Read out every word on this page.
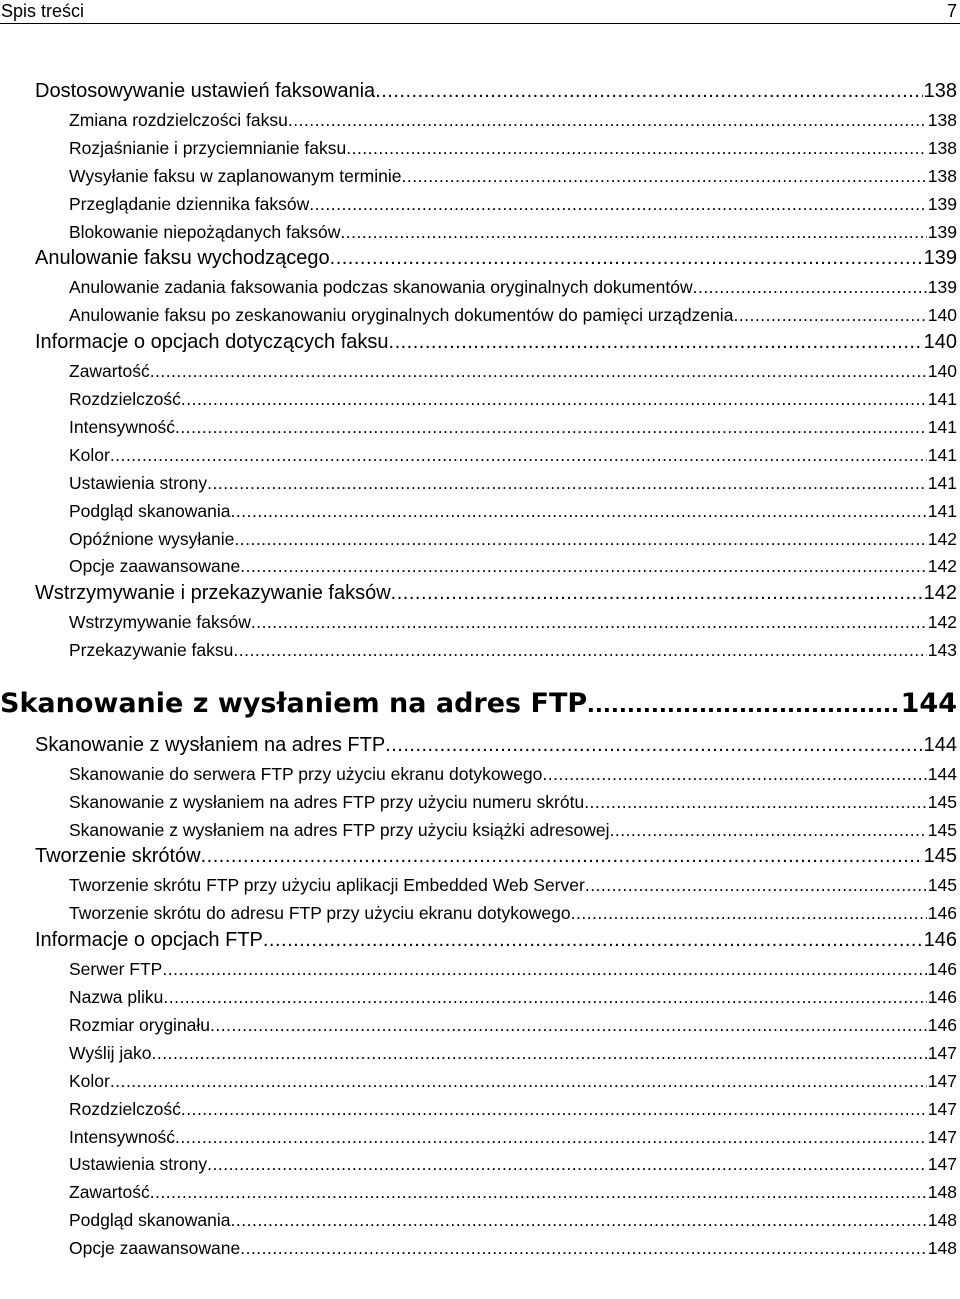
Spis treści	7
Dostosowywanie ustawień faksowania .....	138
Zmiana rozdzielczości faksu .....	138
Rozjaśnianie i przyciemnianie faksu .....	138
Wysyłanie faksu w zaplanowanym terminie .....	138
Przeglądanie dziennika faksów .....	139
Blokowanie niepożądanych faksów .....	139
Anulowanie faksu wychodzącego .....	139
Anulowanie zadania faksowania podczas skanowania oryginalnych dokumentów .....	139
Anulowanie faksu po zeskanowaniu oryginalnych dokumentów do pamięci urządzenia .....	140
Informacje o opcjach dotyczących faksu .....	140
Zawartość .....	140
Rozdzielczość .....	141
Intensywność .....	141
Kolor .....	141
Ustawienia strony .....	141
Podgląd skanowania .....	141
Opóźnione wysyłanie .....	142
Opcje zaawansowane .....	142
Wstrzymywanie i przekazywanie faksów .....	142
Wstrzymywanie faksów .....	142
Przekazywanie faksu .....	143
Skanowanie z wysłaniem na adres FTP .....	144
Skanowanie z wysłaniem na adres FTP .....	144
Skanowanie do serwera FTP przy użyciu ekranu dotykowego .....	144
Skanowanie z wysłaniem na adres FTP przy użyciu numeru skrótu .....	145
Skanowanie z wysłaniem na adres FTP przy użyciu książki adresowej .....	145
Tworzenie skrótów .....	145
Tworzenie skrótu FTP przy użyciu aplikacji Embedded Web Server .....	145
Tworzenie skrótu do adresu FTP przy użyciu ekranu dotykowego .....	146
Informacje o opcjach FTP .....	146
Serwer FTP .....	146
Nazwa pliku .....	146
Rozmiar oryginału .....	146
Wyślij jako .....	147
Kolor .....	147
Rozdzielczość .....	147
Intensywność .....	147
Ustawienia strony .....	147
Zawartość .....	148
Podgląd skanowania .....	148
Opcje zaawansowane .....	148
